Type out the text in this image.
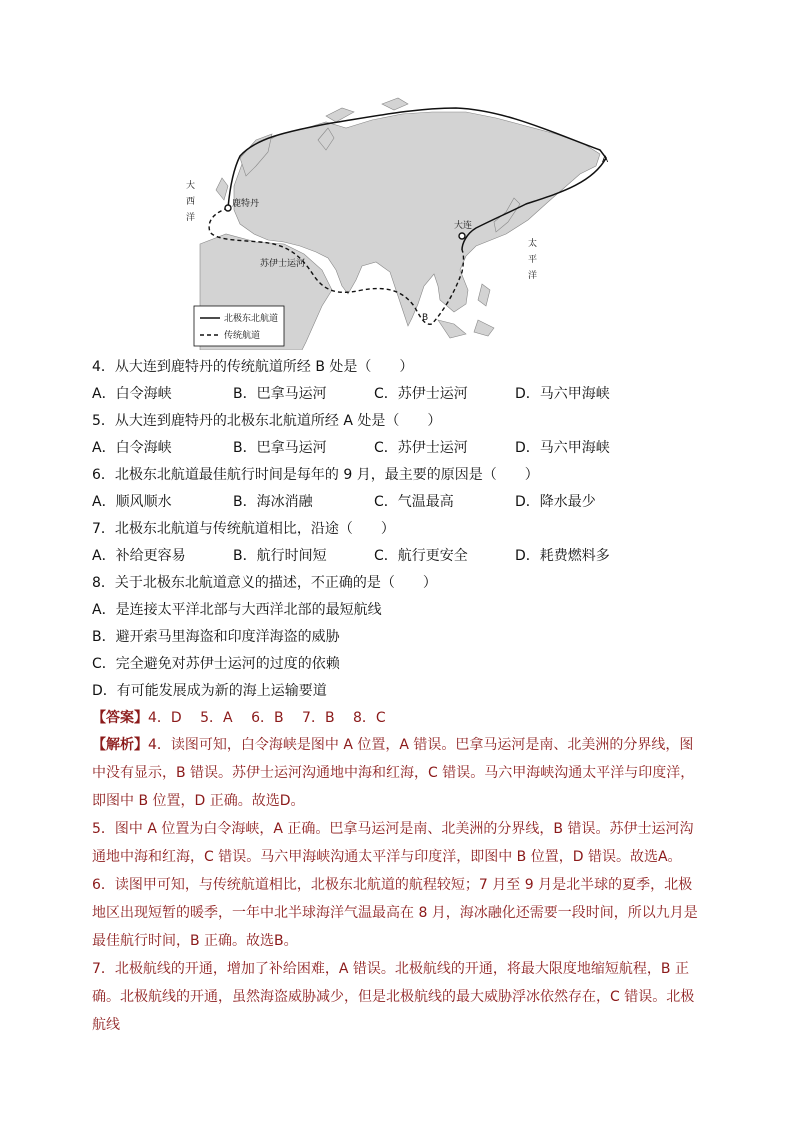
大
西
洋
鹿特丹
大连
太
平
洋
苏伊士运河
A
B
北极东北航道
传统航道
4．从大连到鹿特丹的传统航道所经 B 处是（　　）
A．白令海峡	B．巴拿马运河	C．苏伊士运河	D．马六甲海峡
5．从大连到鹿特丹的北极东北航道所经 A 处是（　　）
A．白令海峡	B．巴拿马运河	C．苏伊士运河	D．马六甲海峡
6．北极东北航道最佳航行时间是每年的 9 月，最主要的原因是（　　）
A．顺风顺水	B．海冰消融	C．气温最高	D．降水最少
7．北极东北航道与传统航道相比，沿途（　　）
A．补给更容易	B．航行时间短	C．航行更安全	D．耗费燃料多
8．关于北极东北航道意义的描述，不正确的是（　　）
A．是连接太平洋北部与大西洋北部的最短航线
B．避开索马里海盗和印度洋海盗的威胁
C．完全避免对苏伊士运河的过度的依赖
D．有可能发展成为新的海上运输要道
【答案】4．D　 5．A　 6．B　 7．B　 8．C
【解析】4．读图可知，白令海峡是图中 A 位置，A 错误。巴拿马运河是南、北美洲的分界线，图中没有显示，B 错误。苏伊士运河沟通地中海和红海，C 错误。马六甲海峡沟通太平洋与印度洋，即图中 B 位置，D 正确。故选D。
5．图中 A 位置为白令海峡，A 正确。巴拿马运河是南、北美洲的分界线，B 错误。苏伊士运河沟通地中海和红海，C 错误。马六甲海峡沟通太平洋与印度洋，即图中 B 位置，D 错误。故选A。
6．读图甲可知，与传统航道相比，北极东北航道的航程较短；7 月至 9 月是北半球的夏季，北极地区出现短暂的暖季，一年中北半球海洋气温最高在 8 月，海冰融化还需要一段时间，所以九月是最佳航行时间，B 正确。故选B。
7．北极航线的开通，增加了补给困难，A 错误。北极航线的开通，将最大限度地缩短航程，B 正确。北极航线的开通，虽然海盗威胁减少，但是北极航线的最大威胁浮冰依然存在，C 错误。北极航线
